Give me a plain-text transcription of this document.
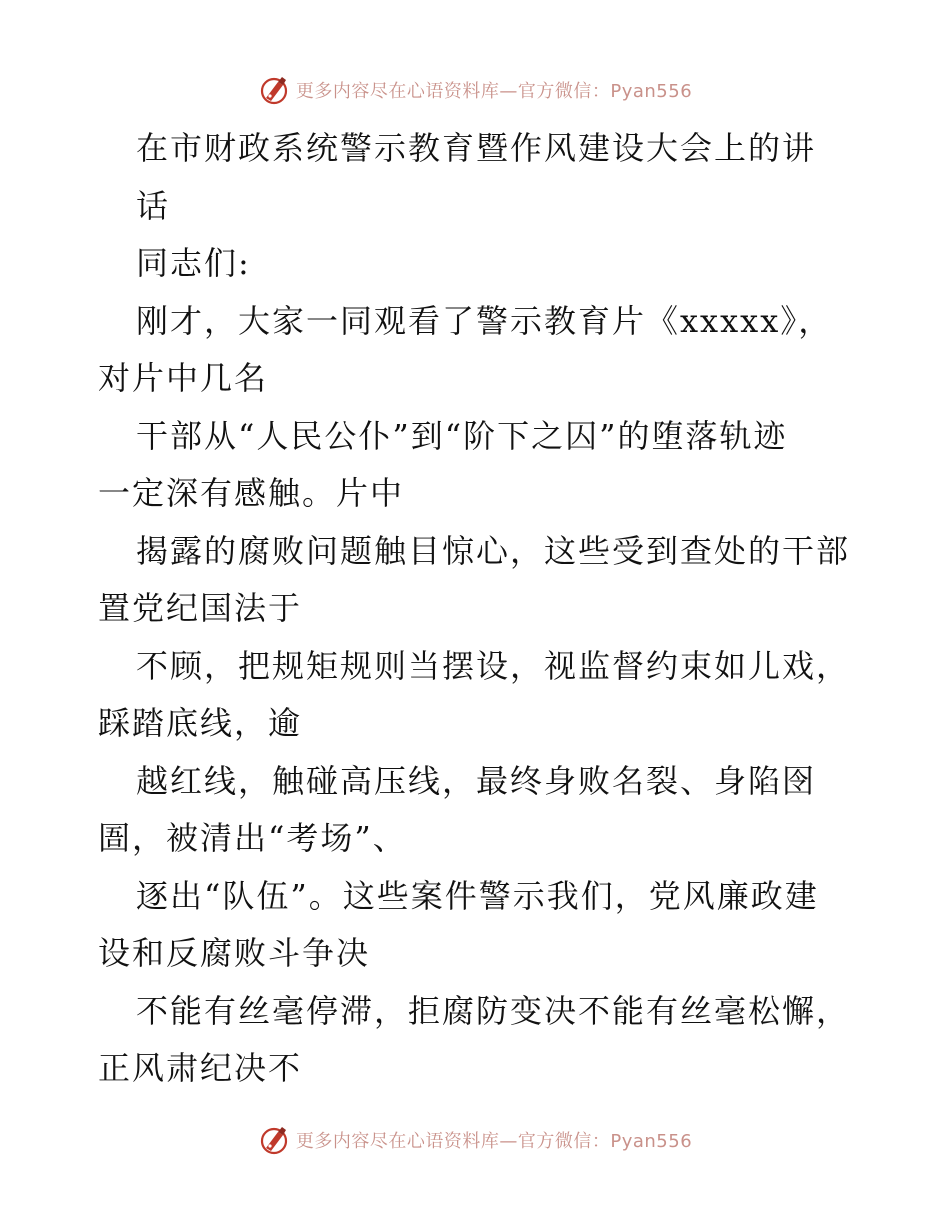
更多内容尽在心语资料库—官方微信：Pyan556
在市财政系统警示教育暨作风建设大会上的讲
话
同志们:
刚才，大家一同观看了警示教育片《xxxxx》，
对片中几名
干部从“人民公仆”到“阶下之囚”的堕落轨迹
一定深有感触。片中
揭露的腐败问题触目惊心，这些受到查处的干部
置党纪国法于
不顾，把规矩规则当摆设，视监督约束如儿戏，
踩踏底线，逾
越红线，触碰高压线，最终身败名裂、身陷囹
圄，被清出“考场”、
逐出“队伍”。这些案件警示我们，党风廉政建
设和反腐败斗争决
不能有丝毫停滞，拒腐防变决不能有丝毫松懈，
正风肃纪决不
更多内容尽在心语资料库—官方微信：Pyan556
